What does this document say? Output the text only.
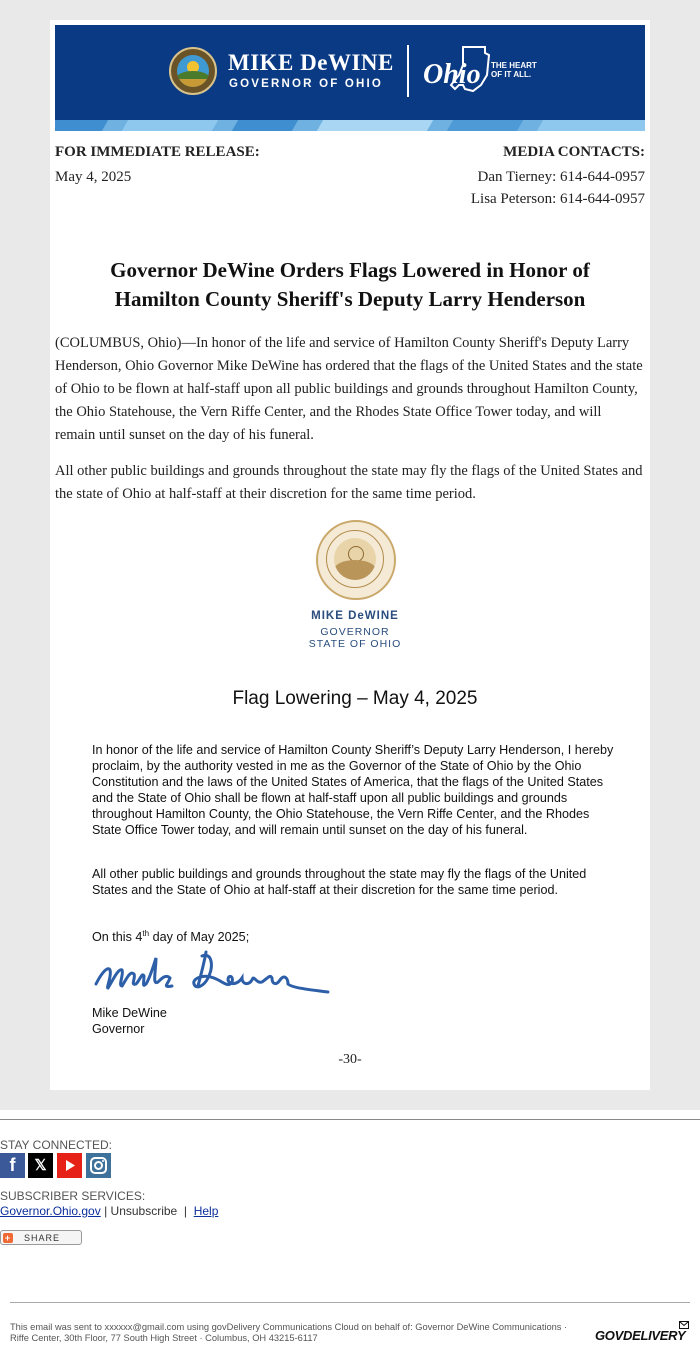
MIKE DeWINE
GOVERNOR OF OHIO Ohio THE HEART
OF IT ALL.
FOR IMMEDIATE RELEASE:
May 4, 2025
MEDIA CONTACTS:
Dan Tierney: 614-644-0957
Lisa Peterson: 614-644-0957
Governor DeWine Orders Flags Lowered in Honor of
Hamilton County Sheriff's Deputy Larry Henderson
(COLUMBUS, Ohio)—In honor of the life and service of Hamilton County Sheriff's Deputy Larry Henderson, Ohio Governor Mike DeWine has ordered that the flags of the United States and the state of Ohio to be flown at half-staff upon all public buildings and grounds throughout Hamilton County, the Ohio Statehouse, the Vern Riffe Center, and the Rhodes State Office Tower today, and will remain until sunset on the day of his funeral.
All other public buildings and grounds throughout the state may fly the flags of the United States and the state of Ohio at half-staff at their discretion for the same time period.
MIKE DeWINE
GOVERNOR
STATE OF OHIO
Flag Lowering – May 4, 2025
In honor of the life and service of Hamilton County Sheriff’s Deputy Larry Henderson, I hereby proclaim, by the authority vested in me as the Governor of the State of Ohio by the Ohio Constitution and the laws of the United States of America, that the flags of the United States and the State of Ohio shall be flown at half-staff upon all public buildings and grounds throughout Hamilton County, the Ohio Statehouse, the Vern Riffe Center, and the Rhodes State Office Tower today, and will remain until sunset on the day of his funeral.
All other public buildings and grounds throughout the state may fly the flags of the United States and the State of Ohio at half-staff at their discretion for the same time period.
On this 4th day of May 2025;
Mike DeWine
Governor
-30-
STAY CONNECTED:
f	𝕏
SUBSCRIBER SERVICES:
Governor.Ohio.gov | Unsubscribe  |  Help
+ SHARE
This email was sent to xxxxxx@gmail.com using govDelivery Communications Cloud on behalf of: Governor DeWine Communications · Riffe Center, 30th Floor, 77 South High Street · Columbus, OH 43215-6117	GOVDELIVERY
